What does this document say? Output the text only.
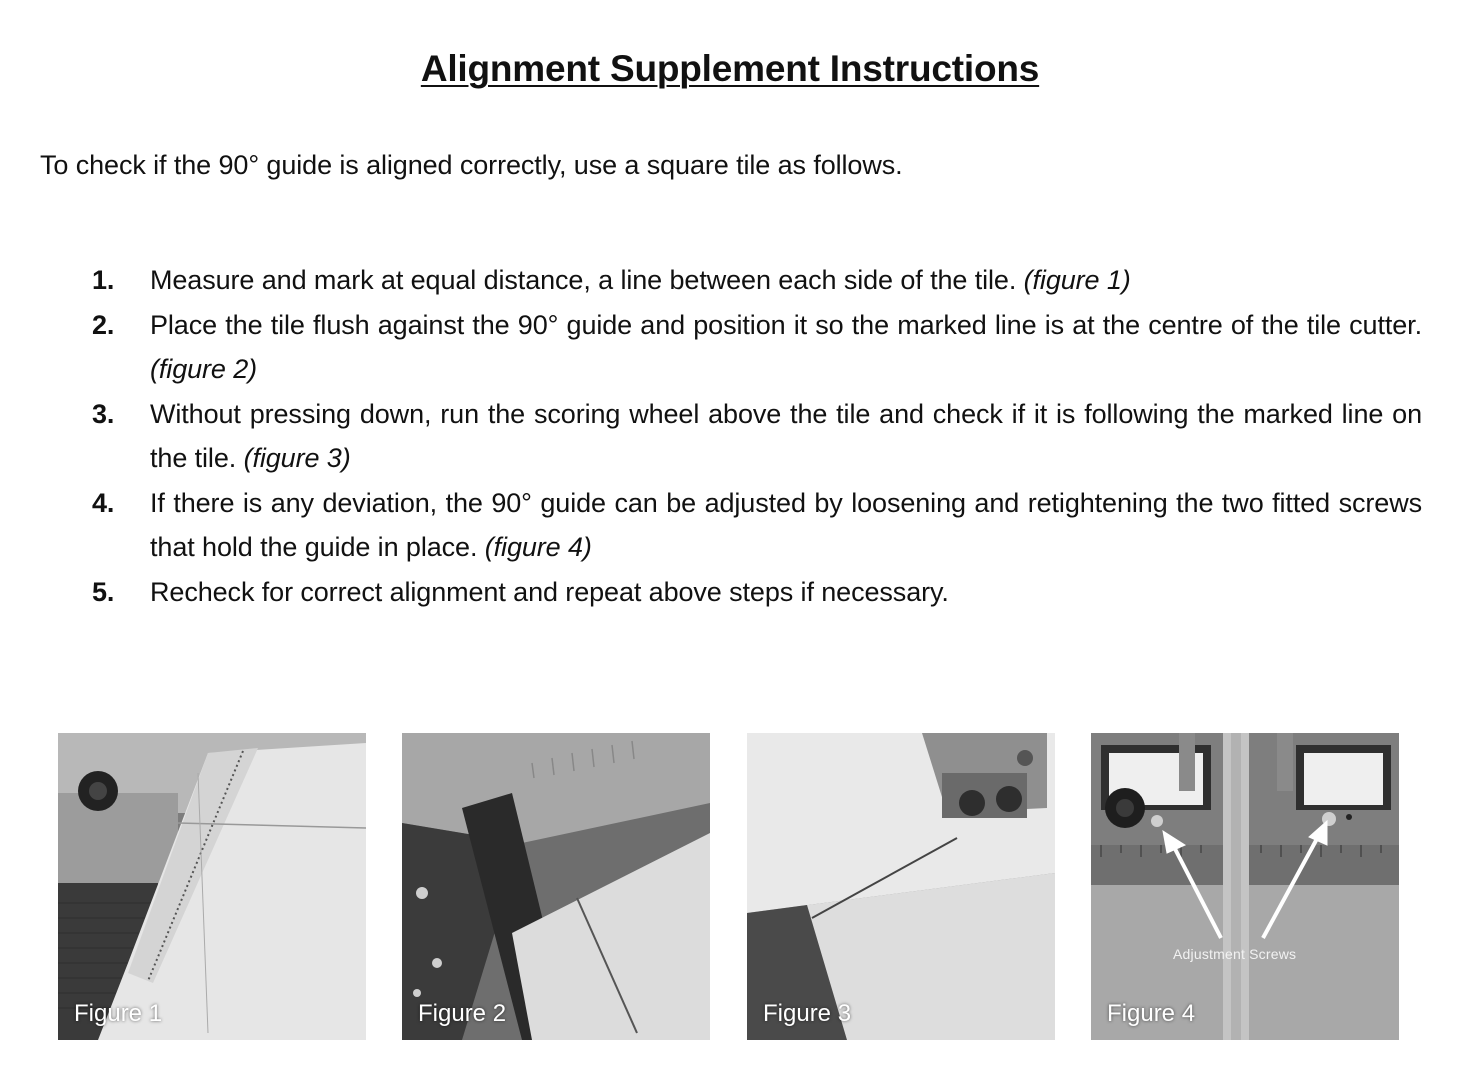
Alignment Supplement Instructions
To check if the 90° guide is aligned correctly, use a square tile as follows.
1.	Measure and mark at equal distance, a line between each side of the tile. (figure 1)
2.	Place the tile flush against the 90° guide and position it so the marked line is at the centre of the tile cutter. (figure 2)
3.	Without pressing down, run the scoring wheel above the tile and check if it is following the marked line on the tile. (figure 3)
4.	If there is any deviation, the 90° guide can be adjusted by loosening and retightening the two fitted screws that hold the guide in place. (figure 4)
5.	Recheck for correct alignment and repeat above steps if necessary.
Figure 1	Figure 2	Figure 3
Adjustment Screws
Figure 4
